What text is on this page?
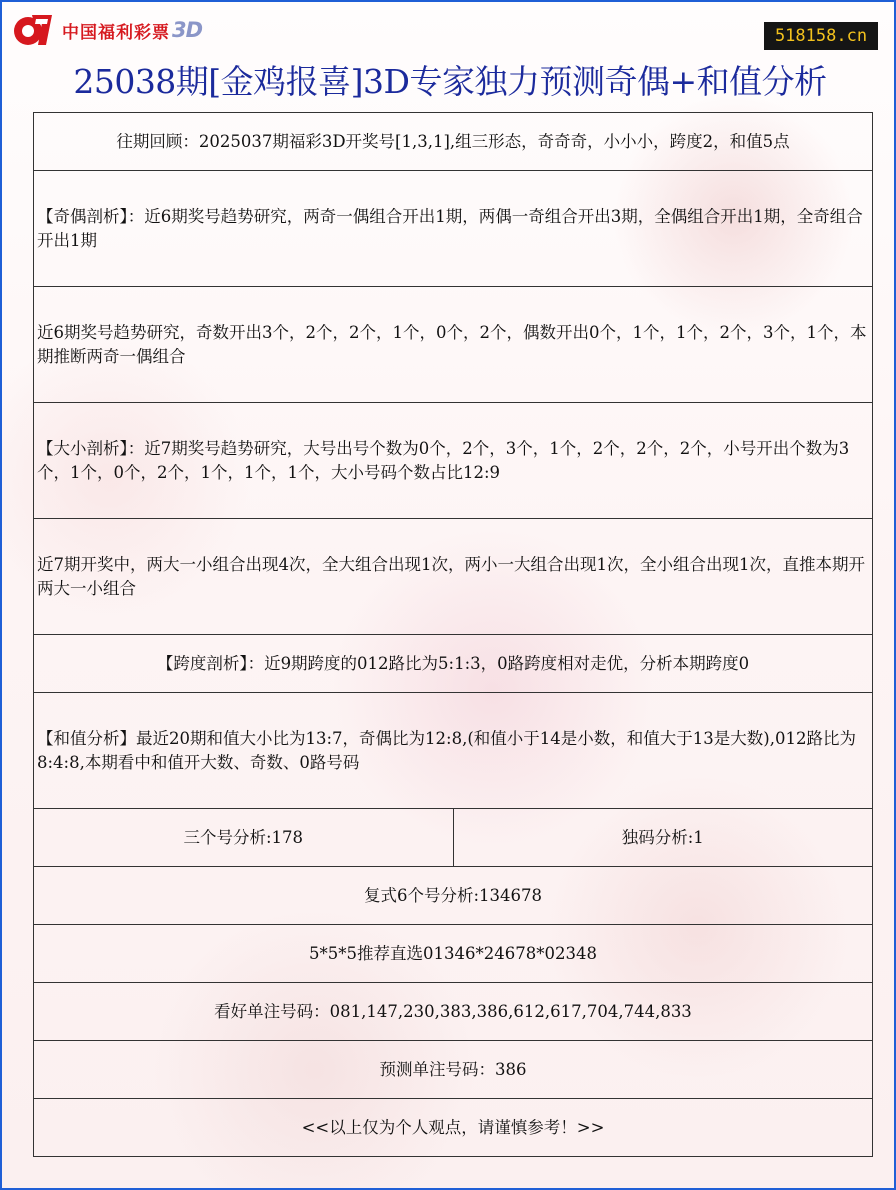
中国福利彩票 3D	518158.cn
25038期[金鸡报喜]3D专家独力预测奇偶+和值分析
往期回顾：2025037期福彩3D开奖号[1,3,1],组三形态，奇奇奇，小小小，跨度2，和值5点
【奇偶剖析】：近6期奖号趋势研究，两奇一偶组合开出1期，两偶一奇组合开出3期，全偶组合开出1期，全奇组合开出1期
近6期奖号趋势研究，奇数开出3个，2个，2个，1个，0个，2个，偶数开出0个，1个，1个，2个，3个，1个，本期推断两奇一偶组合
【大小剖析】：近7期奖号趋势研究，大号出号个数为0个，2个，3个，1个，2个，2个，2个，小号开出个数为3个，1个，0个，2个，1个，1个，1个，大小号码个数占比12:9
近7期开奖中，两大一小组合出现4次，全大组合出现1次，两小一大组合出现1次，全小组合出现1次，直推本期开两大一小组合
【跨度剖析】：近9期跨度的012路比为5:1:3，0路跨度相对走优，分析本期跨度0
【和值分析】最近20期和值大小比为13:7，奇偶比为12:8,(和值小于14是小数，和值大于13是大数),012路比为8:4:8,本期看中和值开大数、奇数、0路号码
三个号分析:178	独码分析:1
复式6个号分析:134678
5*5*5推荐直选01346*24678*02348
看好单注号码：081,147,230,383,386,612,617,704,744,833
预测单注号码：386
<<以上仅为个人观点，请谨慎参考！>>
